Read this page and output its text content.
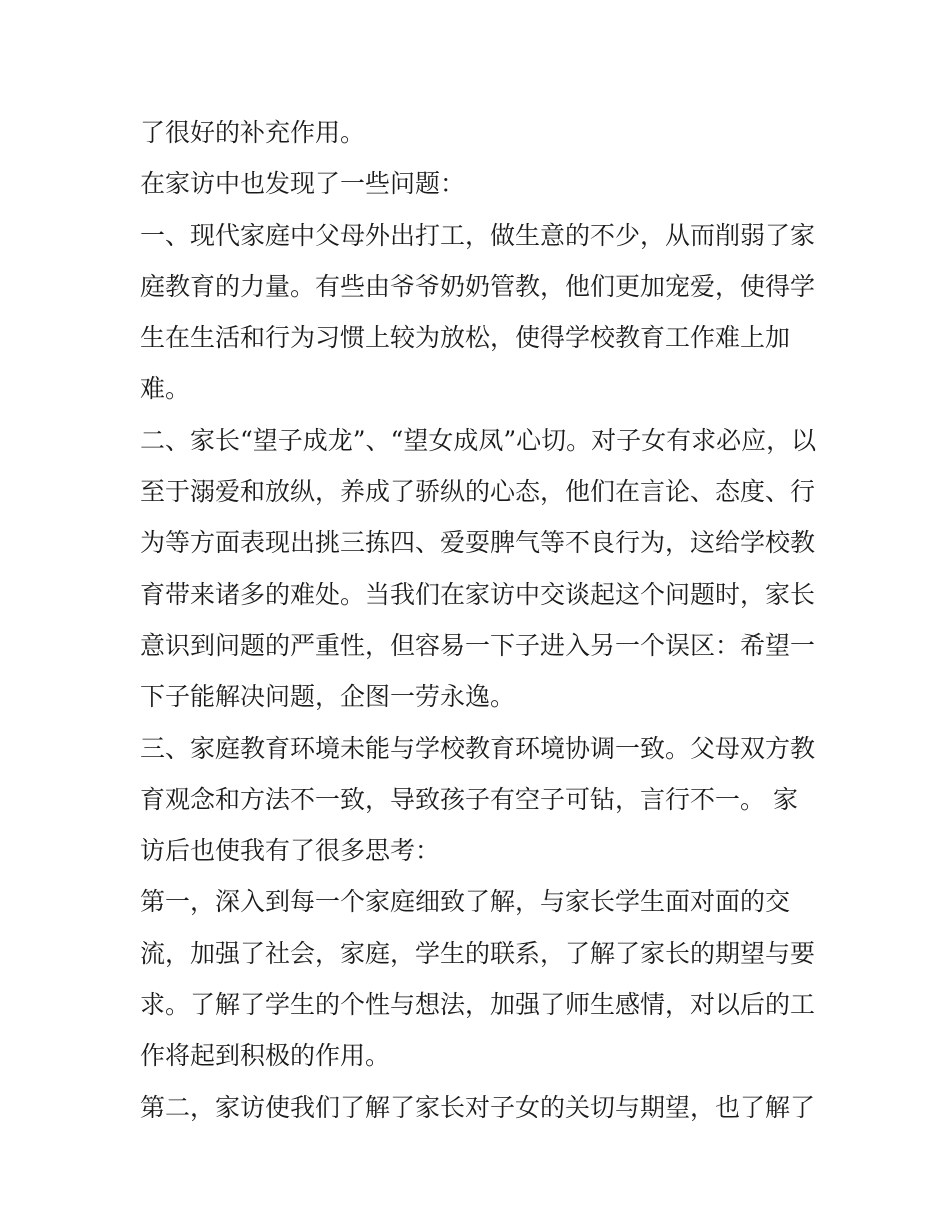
了很好的补充作用。
在家访中也发现了一些问题：
一、现代家庭中父母外出打工，做生意的不少，从而削弱了家
庭教育的力量。有些由爷爷奶奶管教，他们更加宠爱，使得学
生在生活和行为习惯上较为放松，使得学校教育工作难上加
难。
二、家长“望子成龙”、“望女成凤”心切。对子女有求必应，以
至于溺爱和放纵，养成了骄纵的心态，他们在言论、态度、行
为等方面表现出挑三拣四、爱耍脾气等不良行为，这给学校教
育带来诸多的难处。当我们在家访中交谈起这个问题时，家长
意识到问题的严重性，但容易一下子进入另一个误区：希望一
下子能解决问题，企图一劳永逸。
三、家庭教育环境未能与学校教育环境协调一致。父母双方教
育观念和方法不一致，导致孩子有空子可钻，言行不一。 家
访后也使我有了很多思考：
第一，深入到每一个家庭细致了解，与家长学生面对面的交
流，加强了社会，家庭，学生的联系，了解了家长的期望与要
求。了解了学生的个性与想法，加强了师生感情，对以后的工
作将起到积极的作用。
第二，家访使我们了解了家长对子女的关切与期望，也了解了
